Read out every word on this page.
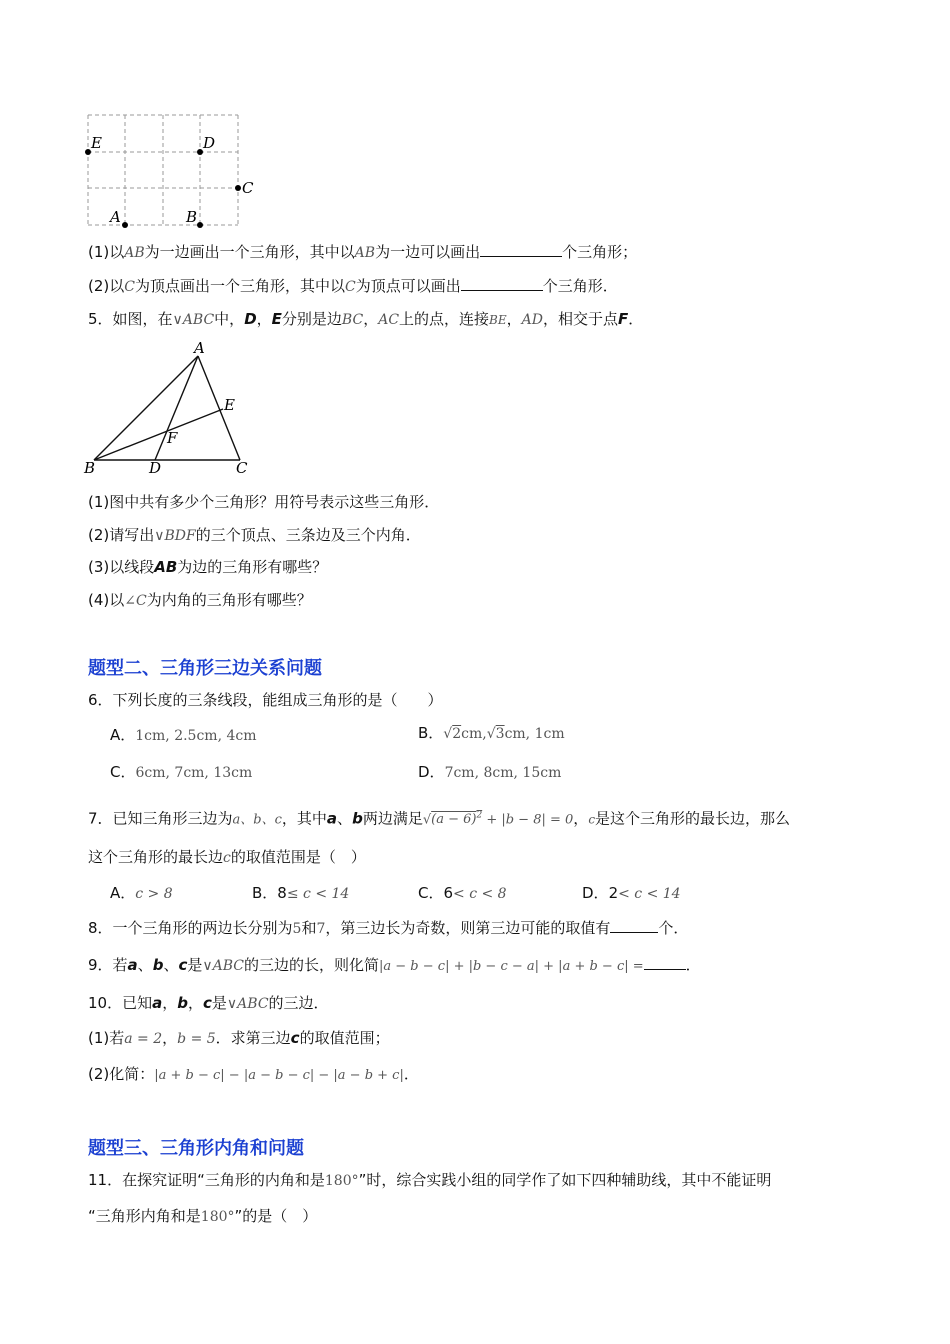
E	D
C
A	B
(1)以AB为一边画出一个三角形，其中以AB为一边可以画出	个三角形；
(2)以C为顶点画出一个三角形，其中以C为顶点可以画出	个三角形．
5．如图，在∨ABC中，D，E分别是边BC，AC上的点，连接BE，AD，相交于点F．
A
B	C
D
E
F
(1)图中共有多少个三角形？用符号表示这些三角形．
(2)请写出∨BDF的三个顶点、三条边及三个内角．
(3)以线段AB为边的三角形有哪些？
(4)以∠C为内角的三角形有哪些？
题型二、三角形三边关系问题
6．下列长度的三条线段，能组成三角形的是（　　）
A．1cm, 2.5cm, 4cm	B．√2cm,√3cm, 1cm
C．6cm, 7cm, 13cm	D．7cm, 8cm, 15cm
7．已知三角形三边为a、b、c，其中a、b两边满足$√(a - 6)^2 + |b - 8| = 0$，c是这个三角形的最长边，那么
这个三角形的最长边c的取值范围是（　）
A．c > 8	B．8≤ c < 14	C．6< c < 8	D．2< c < 14
8．一个三角形的两边长分别为5和7，第三边长为奇数，则第三边可能的取值有	个．
9．若a、b、c是∨ABC的三边的长，则化简|a − b − c| + |b − c − a| + |a + b − c| =	．
10．已知a，b，c是∨ABC的三边．
(1)若a = 2，b = 5．求第三边c的取值范围；
(2)化简：|a + b − c| − |a − b − c| − |a − b + c|．
题型三、三角形内角和问题
11．在探究证明“三角形的内角和是180°”时，综合实践小组的同学作了如下四种辅助线，其中不能证明
“三角形内角和是180°”的是（　）
